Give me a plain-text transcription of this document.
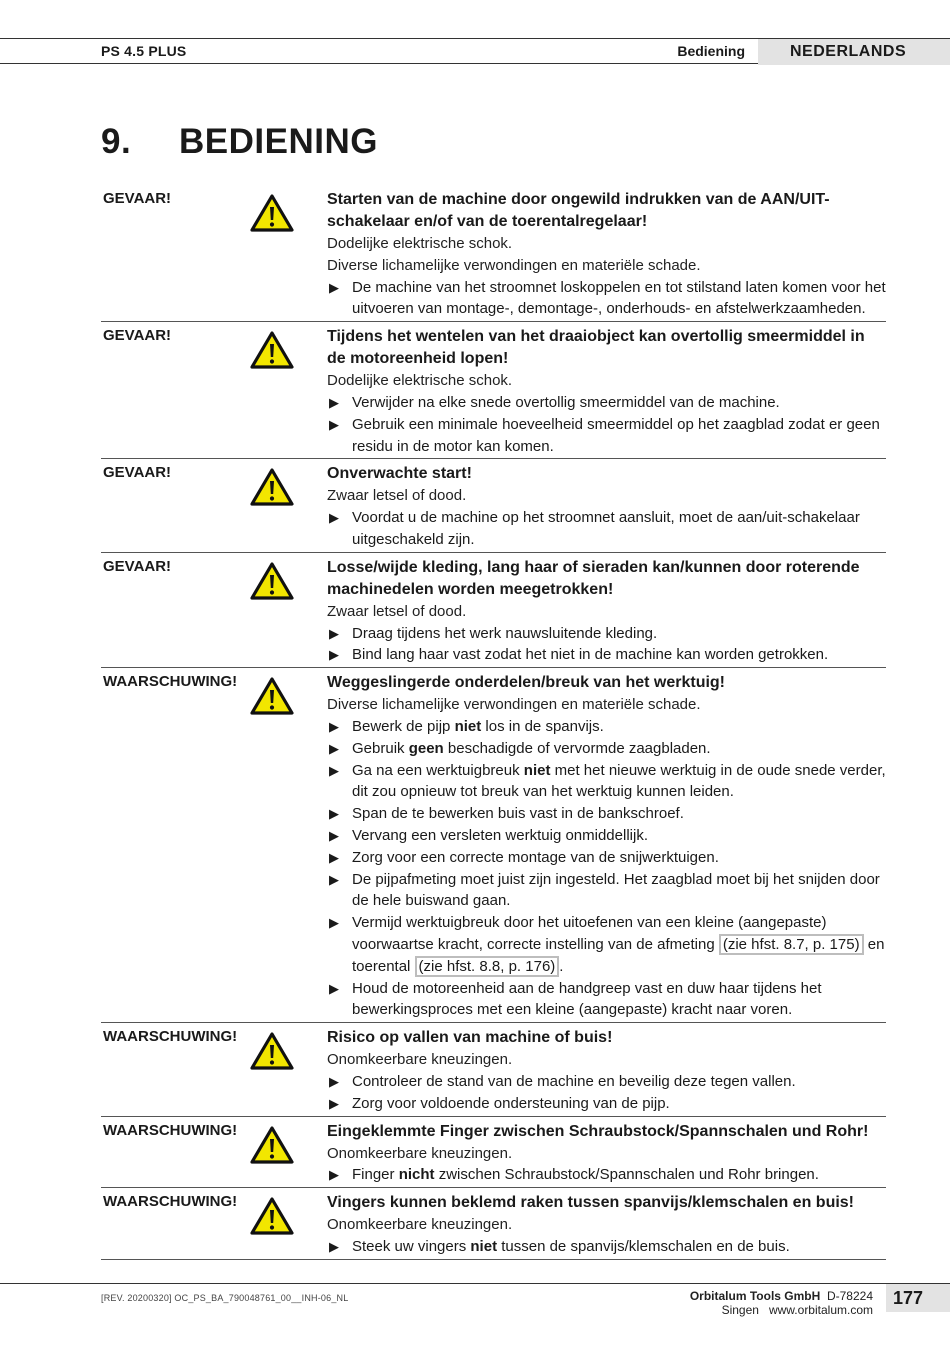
PS 4.5 PLUS	Bediening	NEDERLANDS
9. BEDIENING
GEVAAR!	Starten van de machine door ongewild indrukken van de AAN/UIT-schakelaar en/of van de toerentalregelaar!
Dodelijke elektrische schok.
Diverse lichamelijke verwondingen en materiële schade.
▶ De machine van het stroomnet loskoppelen en tot stilstand laten komen voor het uitvoeren van montage-, demontage-, onderhouds- en afstelwerkzaamheden.
GEVAAR!	Tijdens het wentelen van het draaiobject kan overtollig smeermiddel in de motoreenheid lopen!
Dodelijke elektrische schok.
▶ Verwijder na elke snede overtollig smeermiddel van de machine.
▶ Gebruik een minimale hoeveelheid smeermiddel op het zaagblad zodat er geen residu in de motor kan komen.
GEVAAR!	Onverwachte start!
Zwaar letsel of dood.
▶ Voordat u de machine op het stroomnet aansluit, moet de aan/uit-schakelaar uitgeschakeld zijn.
GEVAAR!	Losse/wijde kleding, lang haar of sieraden kan/kunnen door roterende machinedelen worden meegetrokken!
Zwaar letsel of dood.
▶ Draag tijdens het werk nauwsluitende kleding.
▶ Bind lang haar vast zodat het niet in de machine kan worden getrokken.
WAARSCHUWING!	Weggeslingerde onderdelen/breuk van het werktuig!
Diverse lichamelijke verwondingen en materiële schade.
▶ Bewerk de pijp niet los in de spanvijs.
▶ Gebruik geen beschadigde of vervormde zaagbladen.
▶ Ga na een werktuigbreuk niet met het nieuwe werktuig in de oude snede verder, dit zou opnieuw tot breuk van het werktuig kunnen leiden.
▶ Span de te bewerken buis vast in de bankschroef.
▶ Vervang een versleten werktuig onmiddellijk.
▶ Zorg voor een correcte montage van de snijwerktuigen.
▶ De pijpafmeting moet juist zijn ingesteld. Het zaagblad moet bij het snijden door de hele buiswand gaan.
▶ Vermijd werktuigbreuk door het uitoefenen van een kleine (aangepaste) voorwaartse kracht, correcte instelling van de afmeting (zie hfst. 8.7, p. 175) en toerental (zie hfst. 8.8, p. 176) .
▶ Houd de motoreenheid aan de handgreep vast en duw haar tijdens het bewerkingsproces met een kleine (aangepaste) kracht naar voren.
WAARSCHUWING!	Risico op vallen van machine of buis!
Onomkeerbare kneuzingen.
▶ Controleer de stand van de machine en beveilig deze tegen vallen.
▶ Zorg voor voldoende ondersteuning van de pijp.
WAARSCHUWING!	Eingeklemmte Finger zwischen Schraubstock/Spannschalen und Rohr!
Onomkeerbare kneuzingen.
▶ Finger nicht zwischen Schraubstock/Spannschalen und Rohr bringen.
WAARSCHUWING!	Vingers kunnen beklemd raken tussen spanvijs/klemschalen en buis!
Onomkeerbare kneuzingen.
▶ Steek uw vingers niet tussen de spanvijs/klemschalen en de buis.
[REV. 20200320] OC_PS_BA_790048761_00__INH-06_NL	Orbitalum Tools GmbH D-78224 Singen www.orbitalum.com
177
